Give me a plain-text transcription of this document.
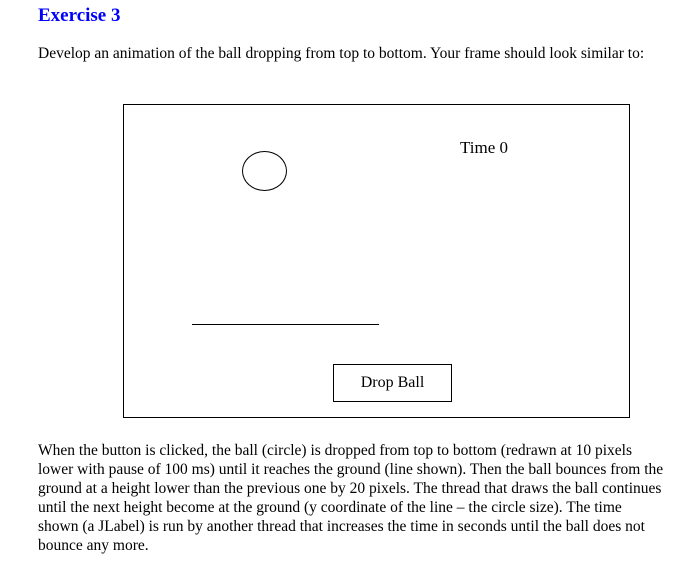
Exercise 3

Develop an animation of the ball dropping from top to bottom. Your frame should look similar to:

Time 0
Drop Ball

When the button is clicked, the ball (circle) is dropped from top to bottom (redrawn at 10 pixels lower with pause of 100 ms) until it reaches the ground (line shown). Then the ball bounces from the ground at a height lower than the previous one by 20 pixels. The thread that draws the ball continues until the next height become at the ground (y coordinate of the line – the circle size). The time shown (a JLabel) is run by another thread that increases the time in seconds until the ball does not bounce any more.
